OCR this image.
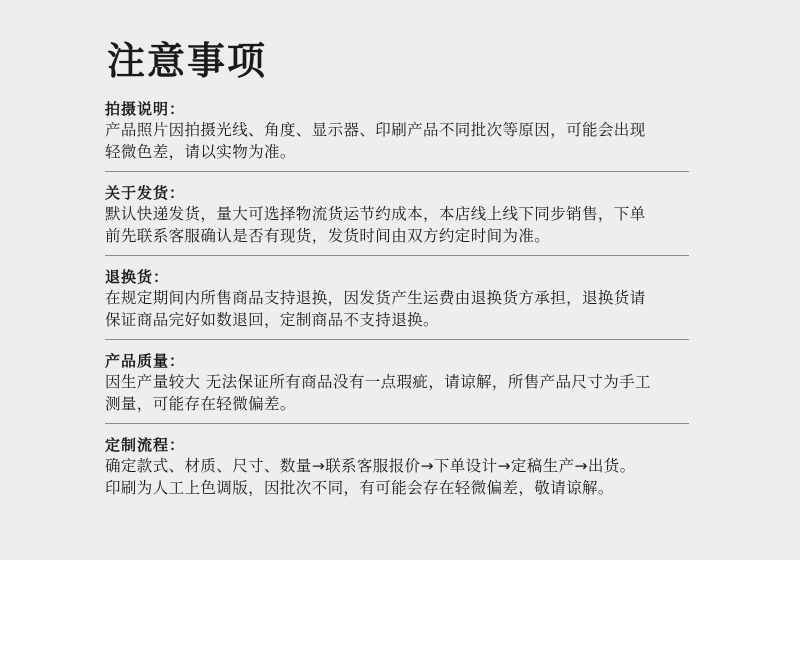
注意事项
拍摄说明：
产品照片因拍摄光线、角度、显示器、印刷产品不同批次等原因，可能会出现
轻微色差，请以实物为准。
关于发货：
默认快递发货，量大可选择物流货运节约成本，本店线上线下同步销售，下单
前先联系客服确认是否有现货，发货时间由双方约定时间为准。
退换货：
在规定期间内所售商品支持退换，因发货产生运费由退换货方承担，退换货请
保证商品完好如数退回，定制商品不支持退换。
产品质量：
因生产量较大 无法保证所有商品没有一点瑕疵，请谅解，所售产品尺寸为手工
测量，可能存在轻微偏差。
定制流程：
确定款式、材质、尺寸、数量→联系客服报价→下单设计→定稿生产→出货。
印刷为人工上色调版，因批次不同，有可能会存在轻微偏差，敬请谅解。
